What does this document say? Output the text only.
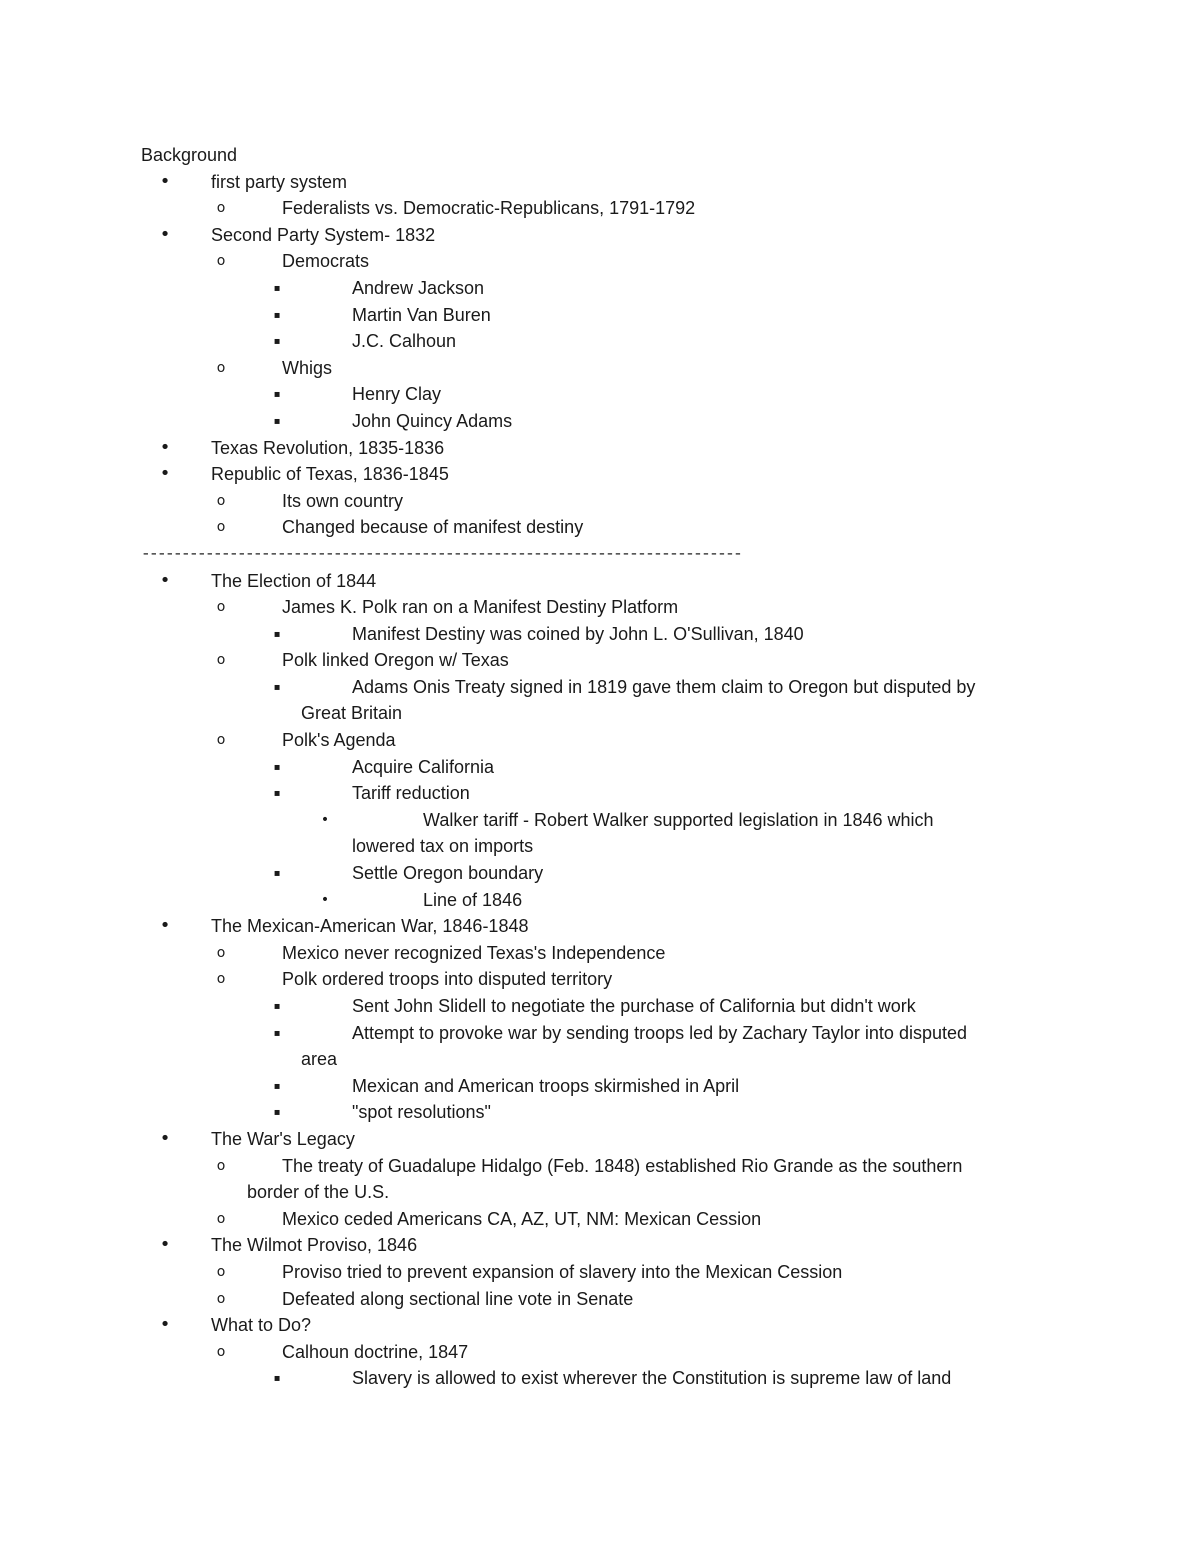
Background
• first party system
o	Federalists vs. Democratic-Republicans, 1791-1792
• Second Party System- 1832
o	Democrats
▪	Andrew Jackson
▪	Martin Van Buren
▪	J.C. Calhoun
o	Whigs
▪	Henry Clay
▪	John Quincy Adams
• Texas Revolution, 1835-1836
• Republic of Texas, 1836-1845
o	Its own country
o	Changed because of manifest destiny
---------------------------------------------------------------------------
• The Election of 1844
o	James K. Polk ran on a Manifest Destiny Platform
▪	Manifest Destiny was coined by John L. O'Sullivan, 1840
o	Polk linked Oregon w/ Texas
▪	Adams Onis Treaty signed in 1819 gave them claim to Oregon but disputed by
Great Britain
o	Polk's Agenda
▪	Acquire California
▪	Tariff reduction
•	Walker tariff - Robert Walker supported legislation in 1846 which
lowered tax on imports
▪	Settle Oregon boundary
•	Line of 1846
• The Mexican-American War, 1846-1848
o	Mexico never recognized Texas's Independence
o	Polk ordered troops into disputed territory
▪	Sent John Slidell to negotiate the purchase of California but didn't work
▪	Attempt to provoke war by sending troops led by Zachary Taylor into disputed
area
▪	Mexican and American troops skirmished in April
▪	"spot resolutions"
• The War's Legacy
o	The treaty of Guadalupe Hidalgo (Feb. 1848) established Rio Grande as the southern
border of the U.S.
o	Mexico ceded Americans CA, AZ, UT, NM: Mexican Cession
• The Wilmot Proviso, 1846
o	Proviso tried to prevent expansion of slavery into the Mexican Cession
o	Defeated along sectional line vote in Senate
• What to Do?
o	Calhoun doctrine, 1847
▪	Slavery is allowed to exist wherever the Constitution is supreme law of land
